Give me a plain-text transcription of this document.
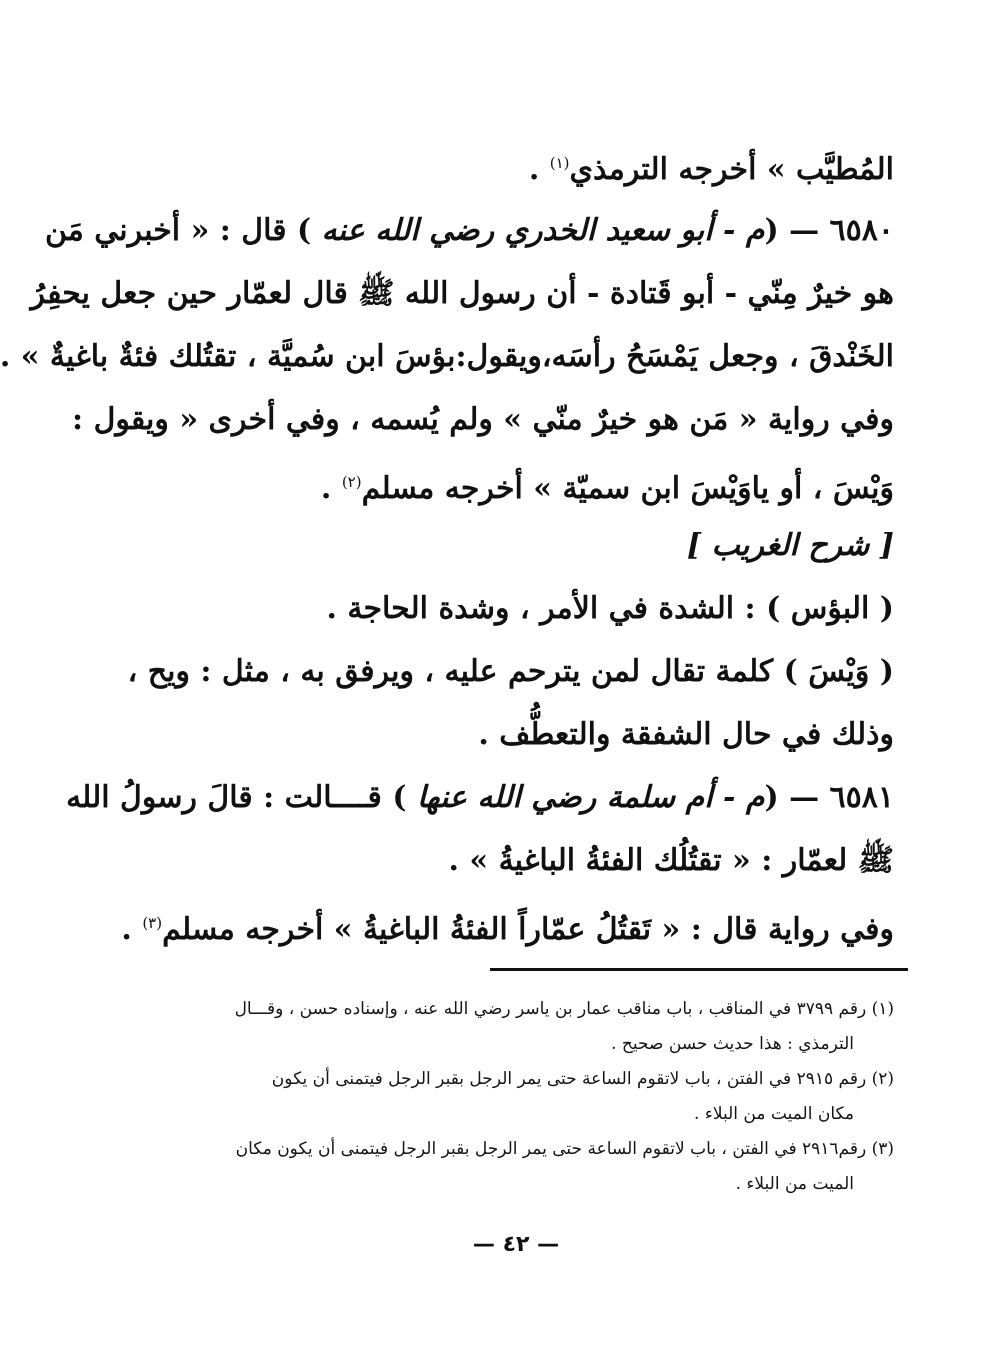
المُطيَّب » أخرجه الترمذي$^{(١)}$ .
٦٥٨٠ — (م - أبو سعيد الخدري رضي الله عنه ) قال : « أخبرني مَن
هو خيرٌ مِنّي - أبو قَتادة - أن رسول الله ﷺ قال لعمّار حين جعل يحفِرُ
الخَنْدقَ ، وجعل يَمْسَحُ رأسَه،ويقول:بؤسَ ابن سُميَّة ، تقتُلك فئةٌ باغيةٌ » .
وفي رواية « مَن هو خيرٌ منّي » ولم يُسمه ، وفي أخرى « ويقول :
وَيْسَ ، أو ياوَيْسَ ابن سميّة » أخرجه مسلم$^{(٢)}$ .
[ شرح الغريب ]
( البؤس ) : الشدة في الأمر ، وشدة الحاجة .
( وَيْسَ ) كلمة تقال لمن يترحم عليه ، ويرفق به ، مثل : ويح ،
وذلك في حال الشفقة والتعطُّف .
٦٥٨١ — (م - أم سلمة رضي الله عنها ) قــــالت : قالَ رسولُ الله
ﷺ لعمّار : « تقتُلُك الفئةُ الباغيةُ » .
وفي رواية قال : « تَقتُلُ عمّاراً الفئةُ الباغيةُ » أخرجه مسلم$^{(٣)}$ .
(١) رقم ٣٧٩٩ في المناقب ، باب مناقب عمار بن ياسر رضي الله عنه ، وإسناده حسن ، وقـــال
الترمذي : هذا حديث حسن صحيح .
(٢) رقم ٢٩١٥ في الفتن ، باب لاتقوم الساعة حتى يمر الرجل بقبر الرجل فيتمنى أن يكون
مكان الميت من البلاء .
(٣) رقم٢٩١٦ في الفتن ، باب لاتقوم الساعة حتى يمر الرجل بقبر الرجل فيتمنى أن يكون مكان
الميت من البلاء .
— ٤٢ —
